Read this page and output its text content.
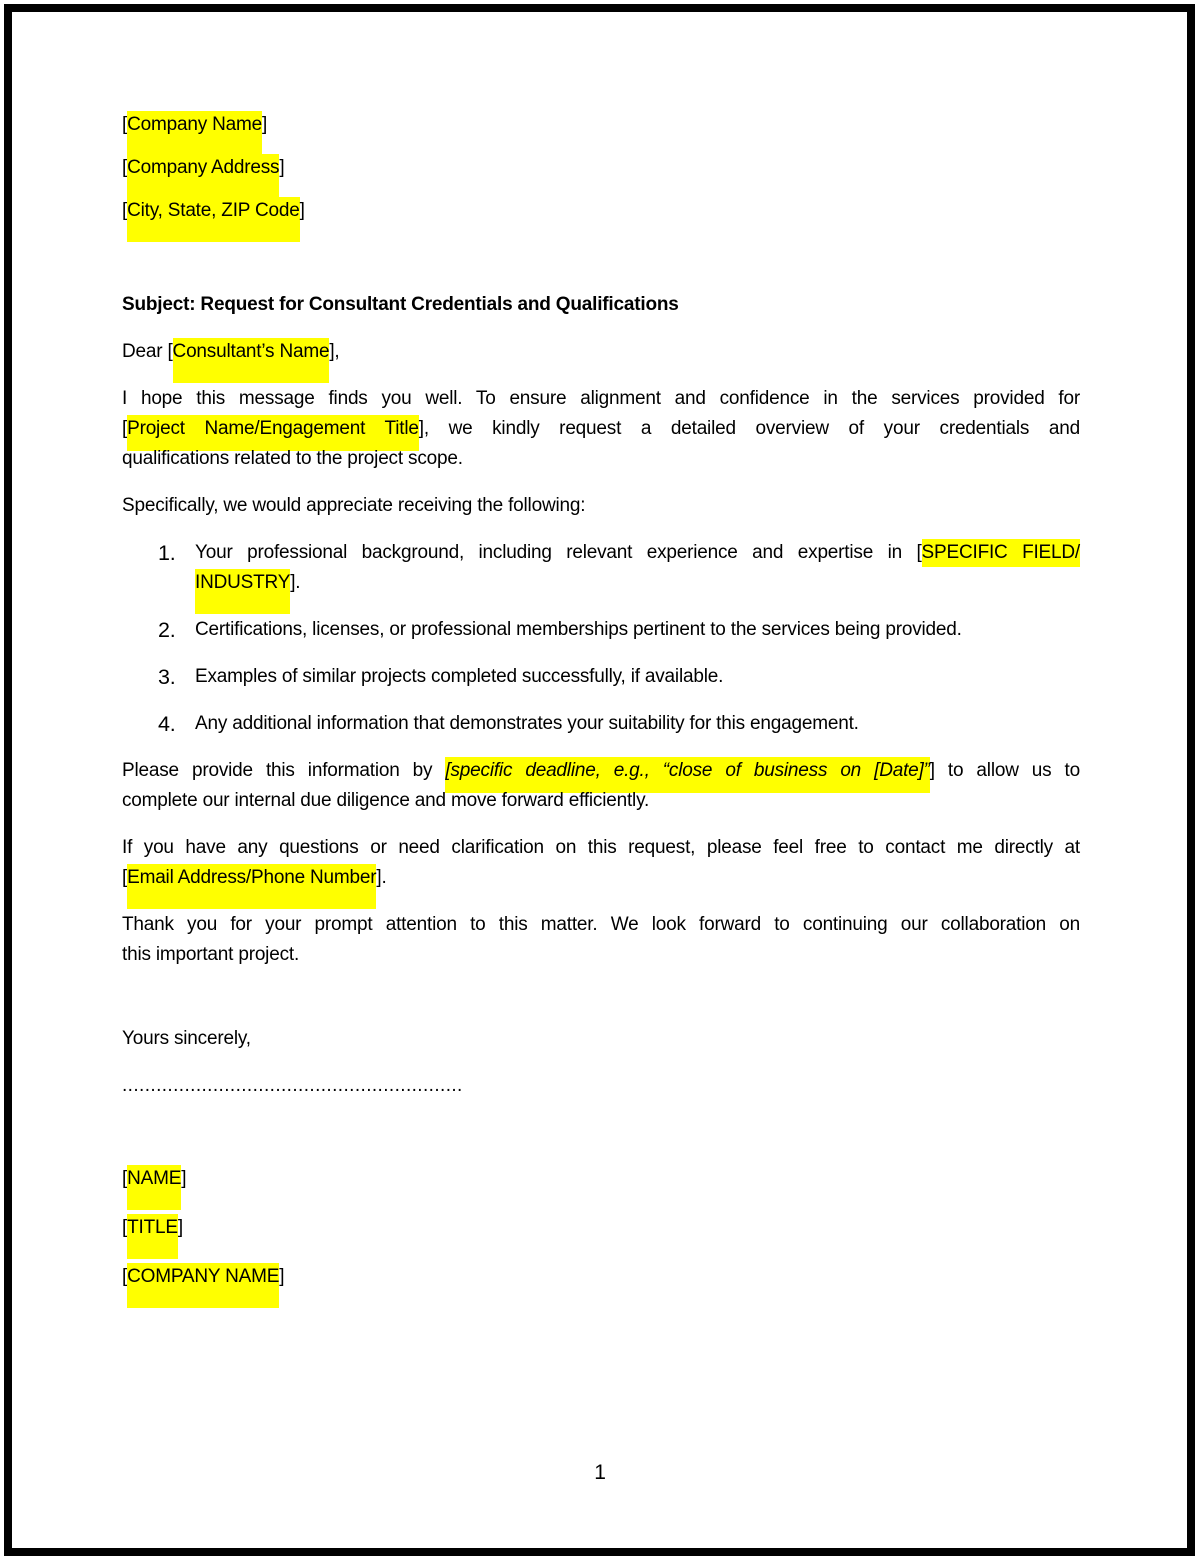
[Company Name]

[Company Address]

[City, State, ZIP Code]

Subject: Request for Consultant Credentials and Qualifications

Dear [Consultant’s Name],

I hope this message finds you well. To ensure alignment and confidence in the services provided for
[Project Name/Engagement Title], we kindly request a detailed overview of your credentials and
qualifications related to the project scope.

Specifically, we would appreciate receiving the following:

1.	Your professional background, including relevant experience and expertise in [SPECIFIC FIELD/
INDUSTRY].
2.	Certifications, licenses, or professional memberships pertinent to the services being provided.
3.	Examples of similar projects completed successfully, if available.
4.	Any additional information that demonstrates your suitability for this engagement.

Please provide this information by [specific deadline, e.g., “close of business on [Date]”] to allow us to
complete our internal due diligence and move forward efficiently.

If you have any questions or need clarification on this request, please feel free to contact me directly at
[Email Address/Phone Number].

Thank you for your prompt attention to this matter. We look forward to continuing our collaboration on
this important project.

Yours sincerely,

............................................................

[NAME]

[TITLE]

[COMPANY NAME]

1
